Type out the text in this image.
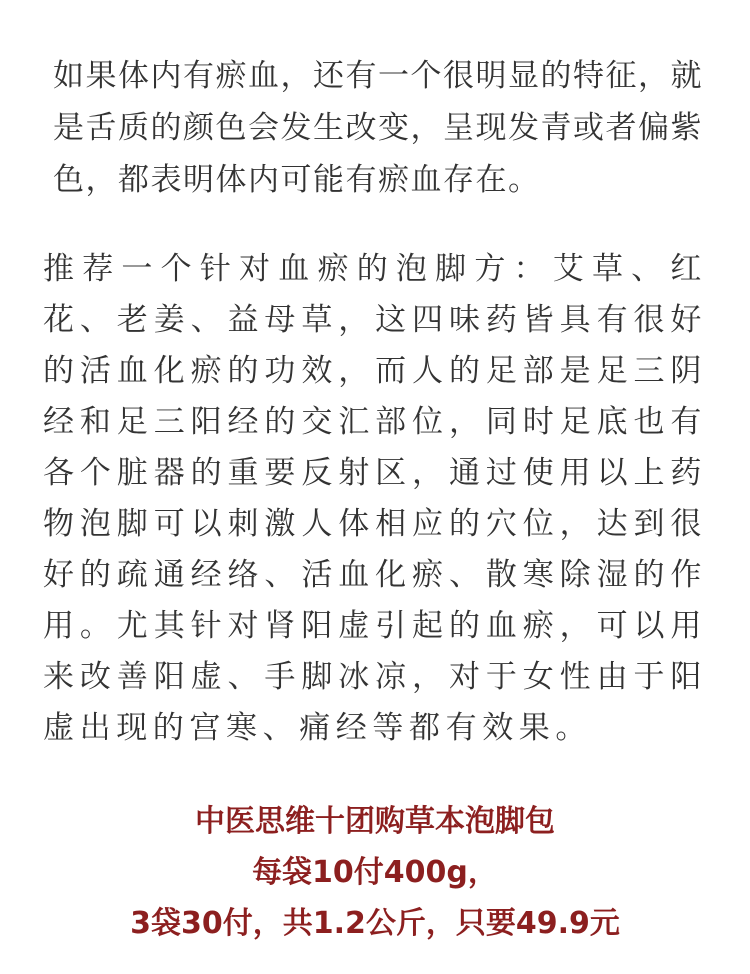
如果体内有瘀血，还有一个很明显的特征，就是舌质的颜色会发生改变，呈现发青或者偏紫色，都表明体内可能有瘀血存在。

推荐一个针对血瘀的泡脚方：艾草、红花、老姜、益母草，这四味药皆具有很好的活血化瘀的功效，而人的足部是足三阴经和足三阳经的交汇部位，同时足底也有各个脏器的重要反射区，通过使用以上药物泡脚可以刺激人体相应的穴位，达到很好的疏通经络、活血化瘀、散寒除湿的作用。尤其针对肾阳虚引起的血瘀，可以用来改善阳虚、手脚冰凉，对于女性由于阳虚出现的宫寒、痛经等都有效果。

中医思维十团购草本泡脚包
每袋10付400g，
3袋30付，共1.2公斤，只要49.9元
